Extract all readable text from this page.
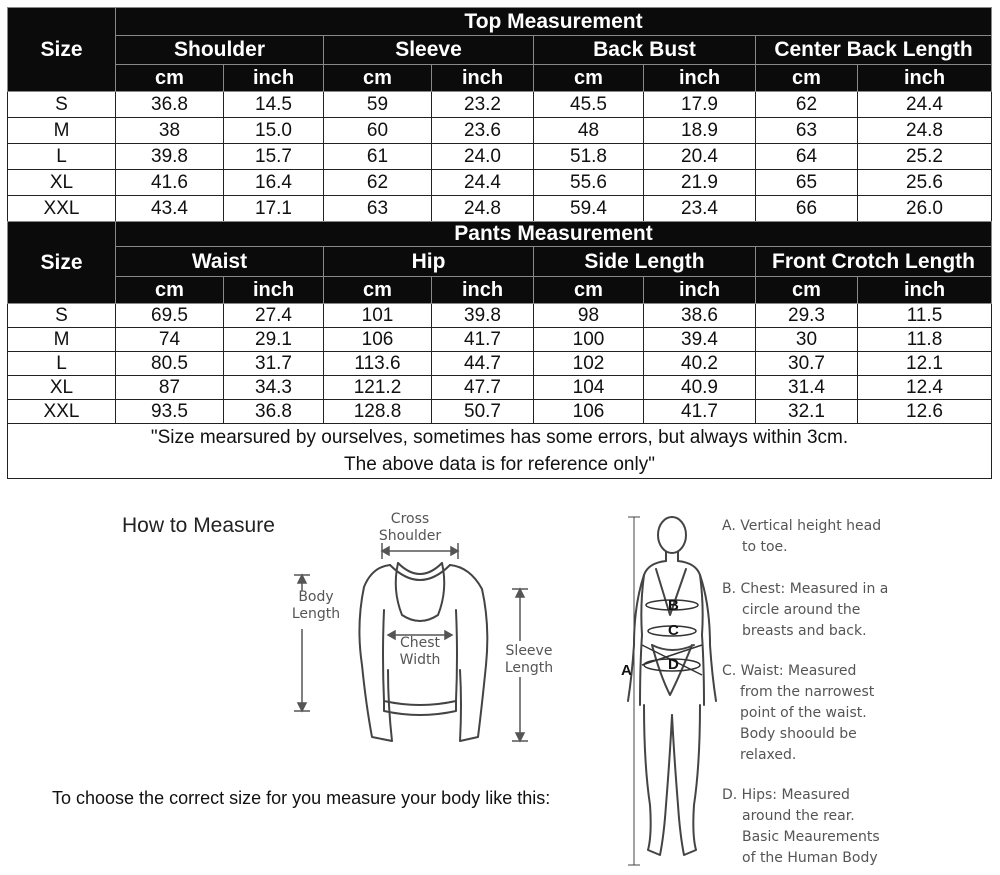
Size	Top Measurement							
	Shoulder		Sleeve		Back Bust		Center Back Length	
	cm	inch	cm	inch	cm	inch	cm	inch
S	36.8	14.5	59	23.2	45.5	17.9	62	24.4
M	38	15.0	60	23.6	48	18.9	63	24.8
L	39.8	15.7	61	24.0	51.8	20.4	64	25.2
XL	41.6	16.4	62	24.4	55.6	21.9	65	25.6
XXL	43.4	17.1	63	24.8	59.4	23.4	66	26.0
Size	Pants Measurement							
	Waist		Hip		Side Length		Front Crotch Length	
	cm	inch	cm	inch	cm	inch	cm	inch
S	69.5	27.4	101	39.8	98	38.6	29.3	11.5
M	74	29.1	106	41.7	100	39.4	30	11.8
L	80.5	31.7	113.6	44.7	102	40.2	30.7	12.1
XL	87	34.3	121.2	47.7	104	40.9	31.4	12.4
XXL	93.5	36.8	128.8	50.7	106	41.7	32.1	12.6

"Size mearsured by ourselves, sometimes has some errors, but always within 3cm.
The above data is for reference only"								
How to Measure	Cross
Shoulder
Body
Length
Chest
Width
Sleeve
Length
To choose the correct size for you measure your body like this:
A
B
C
D
A. Vertical height head
to toe.
B. Chest: Measured in a
circle around the
breasts and back.
C. Waist: Measured
from the narrowest
point of the waist.
Body shoould be
relaxed.
D. Hips: Measured
around the rear.
Basic Meaurements
of the Human Body
